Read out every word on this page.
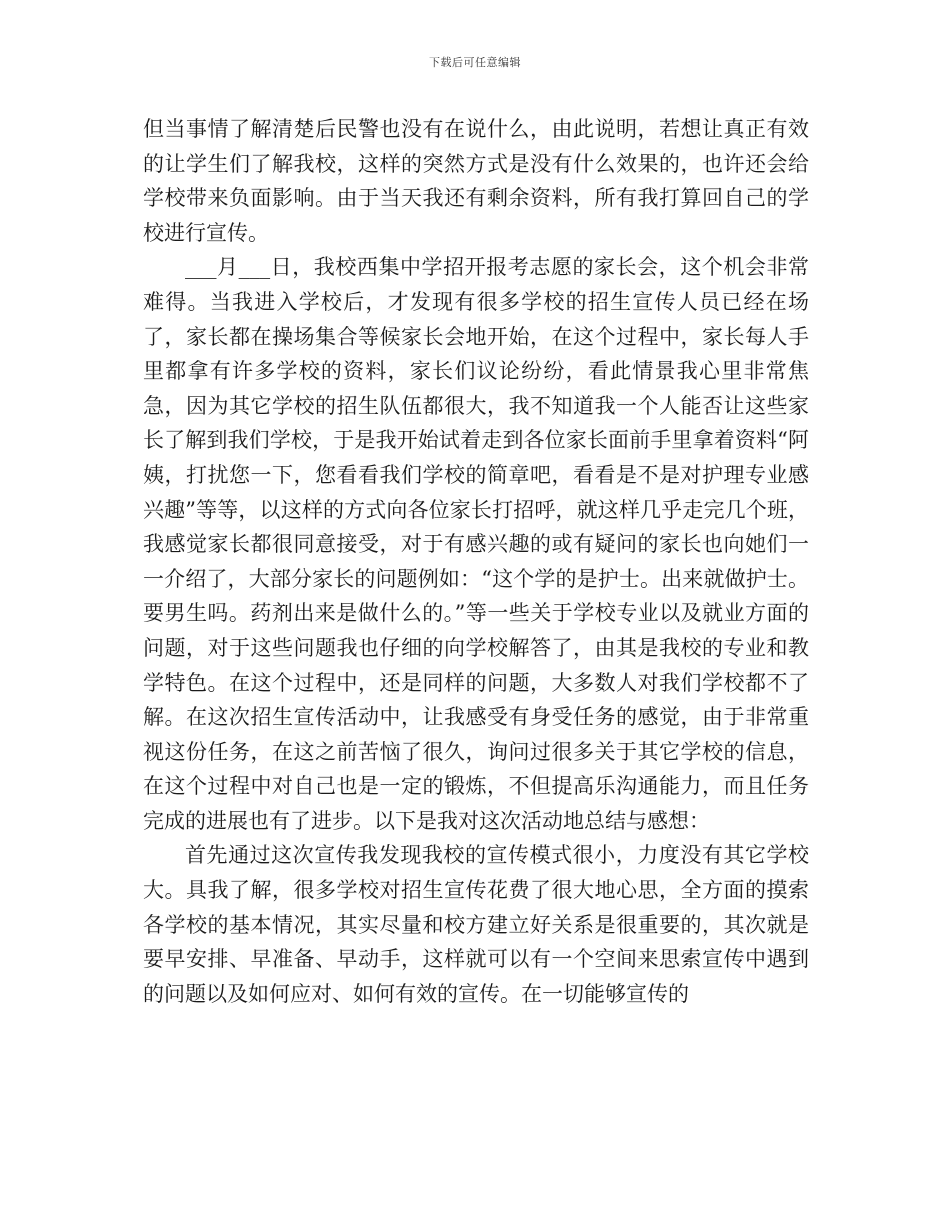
下载后可任意编辑

但当事情了解清楚后民警也没有在说什么，由此说明，若想让真正有效的让学生们了解我校，这样的突然方式是没有什么效果的，也许还会给学校带来负面影响。由于当天我还有剩余资料，所有我打算回自己的学校进行宣传。

___月___日，我校西集中学招开报考志愿的家长会，这个机会非常难得。当我进入学校后，才发现有很多学校的招生宣传人员已经在场了，家长都在操场集合等候家长会地开始，在这个过程中，家长每人手里都拿有许多学校的资料，家长们议论纷纷，看此情景我心里非常焦急，因为其它学校的招生队伍都很大，我不知道我一个人能否让这些家长了解到我们学校，于是我开始试着走到各位家长面前手里拿着资料“阿姨，打扰您一下，您看看我们学校的简章吧，看看是不是对护理专业感兴趣”等等，以这样的方式向各位家长打招呼，就这样几乎走完几个班，我感觉家长都很同意接受，对于有感兴趣的或有疑问的家长也向她们一一介绍了，大部分家长的问题例如：“这个学的是护士。出来就做护士。要男生吗。药剂出来是做什么的。”等一些关于学校专业以及就业方面的问题，对于这些问题我也仔细的向学校解答了，由其是我校的专业和教学特色。在这个过程中，还是同样的问题，大多数人对我们学校都不了解。在这次招生宣传活动中，让我感受有身受任务的感觉，由于非常重视这份任务，在这之前苦恼了很久，询问过很多关于其它学校的信息，在这个过程中对自己也是一定的锻炼，不但提高乐沟通能力，而且任务完成的进展也有了进步。以下是我对这次活动地总结与感想：

首先通过这次宣传我发现我校的宣传模式很小，力度没有其它学校大。具我了解，很多学校对招生宣传花费了很大地心思，全方面的摸索各学校的基本情况，其实尽量和校方建立好关系是很重要的，其次就是要早安排、早准备、早动手，这样就可以有一个空间来思索宣传中遇到的问题以及如何应对、如何有效的宣传。在一切能够宣传的
